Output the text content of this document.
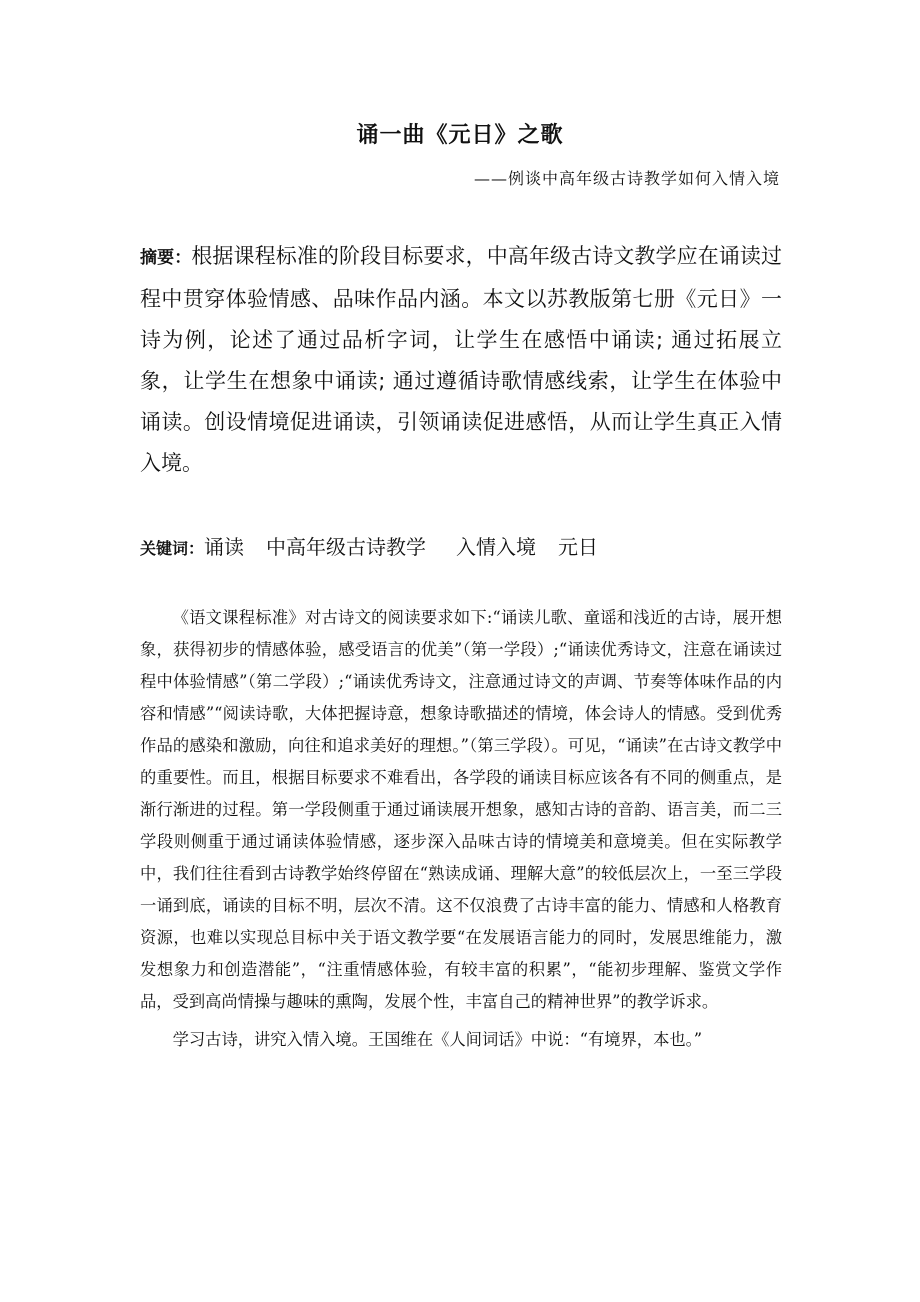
诵一曲《元日》之歌
——例谈中高年级古诗教学如何入情入境
摘要：根据课程标准的阶段目标要求，中高年级古诗文教学应在诵读过程中贯穿体验情感、品味作品内涵。本文以苏教版第七册《元日》一诗为例，论述了通过品析字词，让学生在感悟中诵读; 通过拓展立象，让学生在想象中诵读; 通过遵循诗歌情感线索，让学生在体验中诵读。创设情境促进诵读，引领诵读促进感悟，从而让学生真正入情入境。
关键词：诵读 中高年级古诗教学 入情入境 元日

《语文课程标准》对古诗文的阅读要求如下:“诵读儿歌、童谣和浅近的古诗，展开想象，获得初步的情感体验，感受语言的优美”（第一学段）;“诵读优秀诗文，注意在诵读过程中体验情感”（第二学段）;“诵读优秀诗文，注意通过诗文的声调、节奏等体味作品的内容和情感”“阅读诗歌，大体把握诗意，想象诗歌描述的情境，体会诗人的情感。受到优秀作品的感染和激励，向往和追求美好的理想。”（第三学段）。可见，“诵读”在古诗文教学中的重要性。而且，根据目标要求不难看出，各学段的诵读目标应该各有不同的侧重点，是渐行渐进的过程。第一学段侧重于通过诵读展开想象，感知古诗的音韵、语言美，而二三学段则侧重于通过诵读体验情感，逐步深入品味古诗的情境美和意境美。但在实际教学中，我们往往看到古诗教学始终停留在“熟读成诵、理解大意”的较低层次上，一至三学段一诵到底，诵读的目标不明，层次不清。这不仅浪费了古诗丰富的能力、情感和人格教育资源，也难以实现总目标中关于语文教学要“在发展语言能力的同时，发展思维能力，激发想象力和创造潜能”，“注重情感体验，有较丰富的积累”，“能初步理解、鉴赏文学作品，受到高尚情操与趣味的熏陶，发展个性，丰富自己的精神世界”的教学诉求。

学习古诗，讲究入情入境。王国维在《人间词话》中说：“有境界，本也。”
